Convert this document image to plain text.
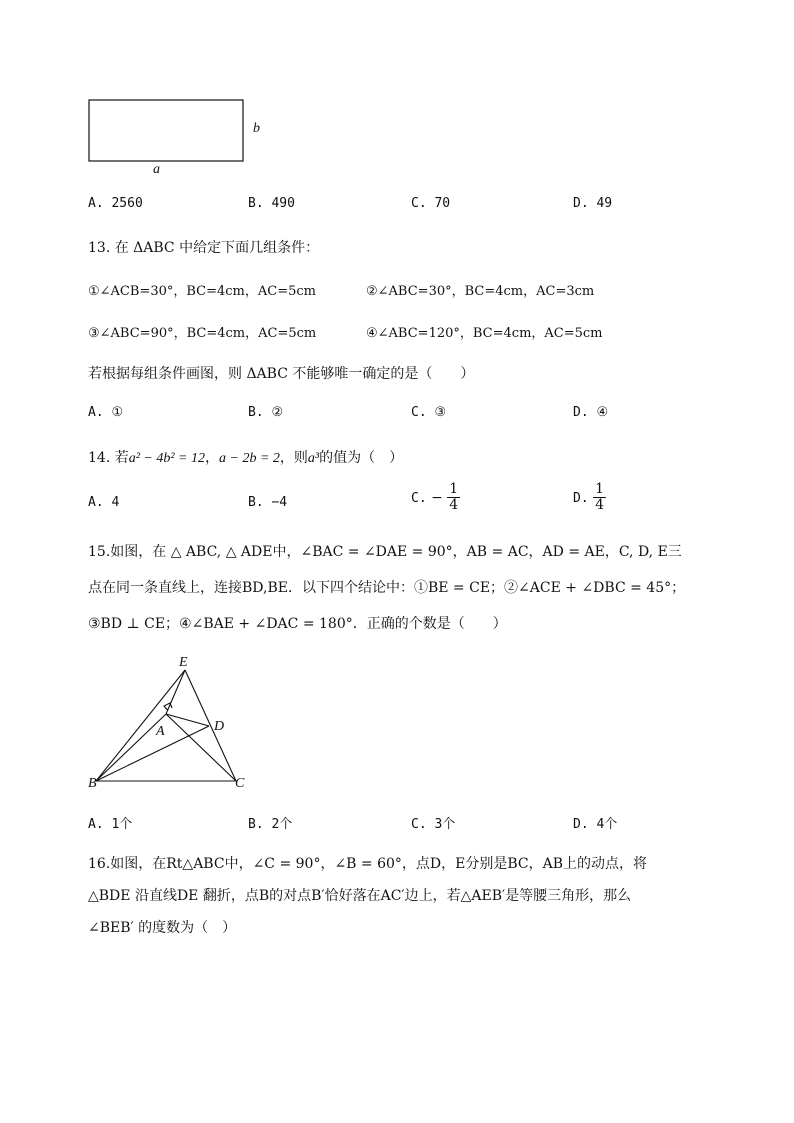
b
a
A. 2560	B. 490	C. 70	D. 49
13. 在 ΔABC 中给定下面几组条件：
①∠ACB=30°，BC=4cm，AC=5cm	②∠ABC=30°，BC=4cm，AC=3cm
③∠ABC=90°，BC=4cm，AC=5cm	④∠ABC=120°，BC=4cm，AC=5cm
若根据每组条件画图，则 ΔABC 不能够唯一确定的是（　　）
A. ①	B. ②	C. ③	D. ④
14. 若a² − 4b² = 12，a − 2b = 2，则a³的值为（　）
A. 4	B. −4	C. − $\frac{1}{4}$	D. $\frac{1}{4}$
15.如图，在 △ ABC, △ ADE中，∠BAC = ∠DAE = 90°，AB = AC，AD = AE，C, D, E三
点在同一条直线上，连接BD,BE．以下四个结论中：①BE = CE；②∠ACE + ∠DBC = 45°；
③BD ⊥ CE；④∠BAE + ∠DAC = 180°．正确的个数是（　　）
E
A	D
B	C
A. 1个	B. 2个	C. 3个	D. 4个
16.如图，在Rt△ABC中，∠C = 90°，∠B = 60°，点D，E分别是BC，AB上的动点，将
△BDE 沿直线DE 翻折，点B的对点B′恰好落在AC′边上，若△AEB′是等腰三角形，那么
∠BEB′ 的度数为（　）
